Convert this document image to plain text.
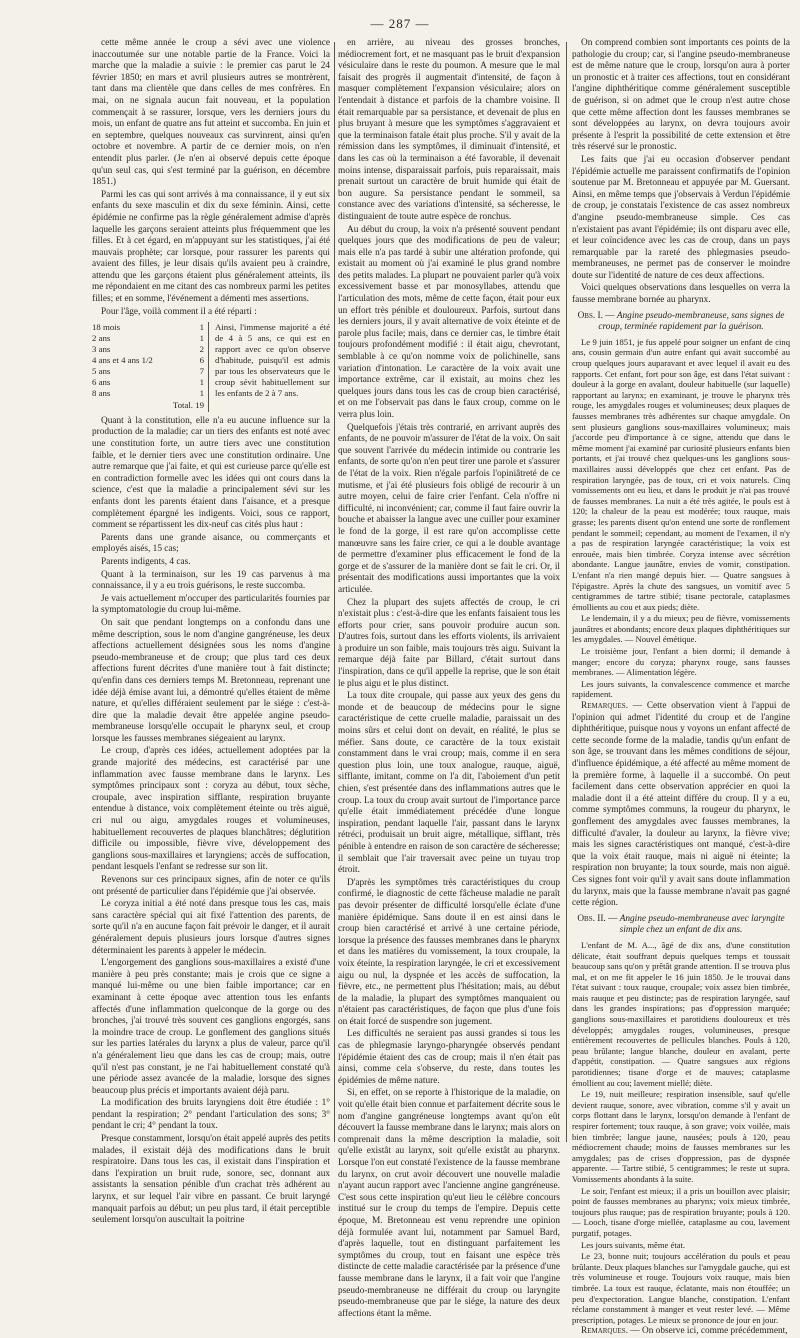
— 287 —

cette même année le croup a sévi avec une violence inaccoutumée sur une notable partie de la France. Voici la marche que la maladie a suivie : le premier cas parut le 24 février 1850; en mars et avril plusieurs autres se montrèrent, tant dans ma clientèle que dans celles de mes confrères. En mai, on ne signala aucun fait nouveau, et la population commençait à se rassurer, lorsque, vers les derniers jours du mois, un enfant de quatre ans fut atteint et succomba. En juin et en septembre, quelques nouveaux cas survinrent, ainsi qu'en octobre et novembre. A partir de ce dernier mois, on n'en entendit plus parler. (Je n'en ai observé depuis cette époque qu'un seul cas, qui s'est terminé par la guérison, en décembre 1851.)

Parmi les cas qui sont arrivés à ma connaissance, il y eut six enfants du sexe masculin et dix du sexe féminin. Ainsi, cette épidémie ne confirme pas la règle généralement admise d'après laquelle les garçons seraient atteints plus fréquemment que les filles. Et à cet égard, en m'appuyant sur les statistiques, j'ai été mauvais prophète; car lorsque, pour rassurer les parents qui avaient des filles, je leur disais qu'ils avaient peu à craindre, attendu que les garçons étaient plus généralement atteints, ils me répondaient en me citant des cas nombreux parmi les petites filles; et en somme, l'événement a démenti mes assertions.

Pour l'âge, voilà comment il a été réparti :

18 mois	1
2 ans	1
3 ans	2
4 ans et 4 ans 1/2	6
5 ans	7
6 ans	1
8 ans	1
Total. 19
Ainsi, l'immense majorité a été de 4 à 5 ans, ce qui est en rapport avec ce qu'on observe d'habitude, puisqu'il est admis par tous les observateurs que le croup sévit habituellement sur les enfants de 2 à 7 ans.

Quant à la constitution, elle n'a eu aucune influence sur la production de la maladie; car un tiers des enfants est noté avec une constitution forte, un autre tiers avec une constitution faible, et le dernier tiers avec une constitution ordinaire. Une autre remarque que j'ai faite, et qui est curieuse parce qu'elle est en contradiction formelle avec les idées qui ont cours dans la science, c'est que la maladie a principalement sévi sur les enfants dont les parents étaient dans l'aisance, et a presque complètement épargné les indigents. Voici, sous ce rapport, comment se répartissent les dix-neuf cas cités plus haut :

Parents dans une grande aisance, ou commerçants et employés aisés, 15 cas;

Parents indigents, 4 cas.

Quant à la terminaison, sur les 19 cas parvenus à ma connaissance, il y a eu trois guérisons, le reste succomba.

Je vais actuellement m'occuper des particularités fournies par la symptomatologie du croup lui-même.

On sait que pendant longtemps on a confondu dans une même description, sous le nom d'angine gangréneuse, les deux affections actuellement désignées sous les noms d'angine pseudo-membraneuse et de croup; que plus tard ces deux affections furent décrites d'une manière tout à fait distincte; qu'enfin dans ces derniers temps M. Bretonneau, reprenant une idée déjà émise avant lui, a démontré qu'elles étaient de même nature, et qu'elles différaient seulement par le siége : c'est-à-dire que la maladie devait être appelée angine pseudo-membraneuse lorsqu'elle occupait le pharynx seul, et croup lorsque les fausses membranes siégeaient au larynx.

Le croup, d'après ces idées, actuellement adoptées par la grande majorité des médecins, est caractérisé par une inflammation avec fausse membrane dans le larynx. Les symptômes principaux sont : coryza au début, toux sèche, croupale, avec inspiration sifflante, respiration bruyante entendue à distance, voix complètement éteinte ou très aiguë, cri nul ou aigu, amygdales rouges et volumineuses, habituellement recouvertes de plaques blanchâtres; déglutition difficile ou impossible, fièvre vive, développement des ganglions sous-maxillaires et laryngiens; accès de suffocation, pendant lesquels l'enfant se redresse sur son lit.

Revenons sur ces principaux signes, afin de noter ce qu'ils ont présenté de particulier dans l'épidémie que j'ai observée.

Le coryza initial a été noté dans presque tous les cas, mais sans caractère spécial qui ait fixé l'attention des parents, de sorte qu'il n'a en aucune façon fait prévoir le danger, et il aurait généralement depuis plusieurs jours lorsque d'autres signes déterminaient les parents à appeler le médecin.

L'engorgement des ganglions sous-maxillaires a existé d'une manière à peu près constante; mais je crois que ce signe a manqué lui-même ou une bien faible importance; car en examinant à cette époque avec attention tous les enfants affectés d'une inflammation quelconque de la gorge ou des bronches, j'ai trouvé très souvent ces ganglions engorgés, sans la moindre trace de croup. Le gonflement des ganglions situés sur les parties latérales du larynx a plus de valeur, parce qu'il n'a généralement lieu que dans les cas de croup; mais, outre qu'il n'est pas constant, je ne l'ai habituellement constaté qu'à une période assez avancée de la maladie, lorsque des signes beaucoup plus précis et importants avaient déjà paru.

La modification des bruits laryngiens doit être étudiée : 1° pendant la respiration; 2° pendant l'articulation des sons; 3° pendant le cri; 4° pendant la toux.

Presque constamment, lorsqu'on était appelé auprès des petits malades, il existait déjà des modifications dans le bruit respiratoire. Dans tous les cas, il existait dans l'inspiration et dans l'expiration un bruit rude, sonore, sec, donnant aux assistants la sensation pénible d'un crachat très adhérent au larynx, et sur lequel l'air vibre en passant. Ce bruit laryngé manquait parfois au début; un peu plus tard, il était perceptible seulement lorsqu'on auscultait la poitrine

en arrière, au niveau des grosses bronches, médiocrement fort, et ne masquant pas le bruit d'expansion vésiculaire dans le reste du poumon. A mesure que le mal faisait des progrès il augmentait d'intensité, de façon à masquer complètement l'expansion vésiculaire; alors on l'entendait à distance et parfois de la chambre voisine. Il était remarquable par sa persistance, et devenait de plus en plus bruyant à mesure que les symptômes s'aggravaient et que la terminaison fatale était plus proche. S'il y avait de la rémission dans les symptômes, il diminuait d'intensité, et dans les cas où la terminaison a été favorable, il devenait moins intense, disparaissait parfois, puis reparaissait, mais prenait surtout un caractère de bruit humide qui était de bon augure. Sa persistance pendant le sommeil, sa constance avec des variations d'intensité, sa sécheresse, le distinguaient de toute autre espèce de ronchus.

Au début du croup, la voix n'a présenté souvent pendant quelques jours que des modifications de peu de valeur; mais elle n'a pas tardé à subir une altération profonde, qui existait au moment où j'ai examiné le plus grand nombre des petits malades. La plupart ne pouvaient parler qu'à voix excessivement basse et par monosyllabes, attendu que l'articulation des mots, même de cette façon, était pour eux un effort très pénible et douloureux. Parfois, surtout dans les derniers jours, il y avait alternative de voix éteinte et de parole plus facile; mais, dans ce dernier cas, le timbre était toujours profondément modifié : il était aigu, chevrotant, semblable à ce qu'on nomme voix de polichinelle, sans variation d'intonation. Le caractère de la voix avait une importance extrême, car il existait, au moins chez les quelques jours dans tous les cas de croup bien caractérisé, et on me l'observait pas dans le faux croup, comme on le verra plus loin.

Quelquefois j'étais très contrarié, en arrivant auprès des enfants, de ne pouvoir m'assurer de l'état de la voix. On sait que souvent l'arrivée du médecin intimide ou contrarie les enfants, de sorte qu'on n'en peut tirer une parole et s'assurer de l'état de la voix. Rien n'égale parfois l'opiniâtreté de ce mutisme, et j'ai été plusieurs fois obligé de recourir à un autre moyen, celui de faire crier l'enfant. Cela n'offre ni difficulté, ni inconvénient; car, comme il faut faire ouvrir la bouche et abaisser la langue avec une cuiller pour examiner le fond de la gorge, il est rare qu'on accomplisse cette manœuvre sans les faire crier, ce qui a le double avantage de permettre d'examiner plus efficacement le fond de la gorge et de s'assurer de la manière dont se fait le cri. Or, il présentait des modifications aussi importantes que la voix articulée.

Chez la plupart des sujets affectés de croup, le cri n'existait plus : c'est-à-dire que les enfants faisaient tous les efforts pour crier, sans pouvoir produire aucun son. D'autres fois, surtout dans les efforts violents, ils arrivaient à produire un son faible, mais toujours très aigu. Suivant la remarque déjà faite par Billard, c'était surtout dans l'inspiration, dans ce qu'il appelle la reprise, que le son était le plus aigu et le plus distinct.

La toux dite croupale, qui passe aux yeux des gens du monde et de beaucoup de médecins pour le signe caractéristique de cette cruelle maladie, paraissait un des moins sûrs et celui dont on devait, en réalité, le plus se méfier. Sans doute, ce caractère de la toux existait constamment dans le vrai croup; mais, comme il en sera question plus loin, une toux analogue, rauque, aiguë, sifflante, imitant, comme on l'a dit, l'aboiement d'un petit chien, s'est présentée dans des inflammations autres que le croup. La toux du croup avait surtout de l'importance parce qu'elle était immédiatement précédée d'une longue inspiration, pendant laquelle l'air, passant dans le larynx rétréci, produisait un bruit aigre, métallique, sifflant, très pénible à entendre en raison de son caractère de sécheresse; il semblait que l'air traversait avec peine un tuyau trop étroit.

D'après les symptômes très caractéristiques du croup confirmé, le diagnostic de cette fâcheuse maladie ne paraît pas devoir présenter de difficulté lorsqu'elle éclate d'une manière épidémique. Sans doute il en est ainsi dans le croup bien caractérisé et arrivé à une certaine période, lorsque la présence des fausses membranes dans le pharynx et dans les matières du vomissement, la toux croupale, la voix éteinte, la respiration laryngée, le cri et excessivement aigu ou nul, la dyspnée et les accès de suffocation, la fièvre, etc., ne permettent plus l'hésitation; mais, au début de la maladie, la plupart des symptômes manquaient ou n'étaient pas caractéristiques, de façon que plus d'une fois on était forcé de suspendre son jugement.

Les difficultés ne seraient pas aussi grandes si tous les cas de phlegmasie laryngo-pharyngée observés pendant l'épidémie étaient des cas de croup; mais il n'en était pas ainsi, comme cela s'observe, du reste, dans toutes les épidémies de même nature.

Si, en effet, on se reporte à l'historique de la maladie, on voit qu'elle était bien connue et parfaitement décrite sous le nom d'angine gangréneuse longtemps avant qu'on eût découvert la fausse membrane dans le larynx; mais alors on comprenait dans la même description la maladie, soit qu'elle existât au larynx, soit qu'elle existât au pharynx. Lorsque l'on eut constaté l'existence de la fausse membrane du larynx, on crut avoir découvert une nouvelle maladie n'ayant aucun rapport avec l'ancienne angine gangréneuse. C'est sous cette inspiration qu'eut lieu le célèbre concours institué sur le croup du temps de l'empire. Depuis cette époque, M. Bretonneau est venu reprendre une opinion déjà formulée avant lui, notamment par Samuel Bard, d'après laquelle, tout en distinguant parfaitement les symptômes du croup, tout en faisant une espèce très distincte de cette maladie caractérisée par la présence d'une fausse membrane dans le larynx, il a fait voir que l'angine pseudo-membraneuse ne différait du croup ou laryngite pseudo-membraneuse que par le siége, la nature des deux affections étant la même.

On comprend combien sont importants ces points de la pathologie du croup; car, si l'angine pseudo-membraneuse est de même nature que le croup, lorsqu'on aura à porter un pronostic et à traiter ces affections, tout en considérant l'angine diphthéritique comme généralement susceptible de guérison, si on admet que le croup n'est autre chose que cette même affection dont les fausses membranes se sont développées au larynx, on devra toujours avoir présente à l'esprit la possibilité de cette extension et être très réservé sur le pronostic.

Les faits que j'ai eu occasion d'observer pendant l'épidémie actuelle me paraissent confirmatifs de l'opinion soutenue par M. Bretonneau et appuyée par M. Guersant. Ainsi, en même temps que j'observais à Verdun l'épidémie de croup, je constatais l'existence de cas assez nombreux d'angine pseudo-membraneuse simple. Ces cas n'existaient pas avant l'épidémie; ils ont disparu avec elle, et leur coïncidence avec les cas de croup, dans un pays remarquable par la rareté des phlegmasies pseudo-membraneuses, ne permet pas de conserver le moindre doute sur l'identité de nature de ces deux affections.

Voici quelques observations dans lesquelles on verra la fausse membrane bornée au pharynx.

Obs. I. — Angine pseudo-membraneuse, sans signes de croup, terminée rapidement par la guérison.

Le 9 juin 1851, je fus appelé pour soigner un enfant de cinq ans, cousin germain d'un autre enfant qui avait succombé au croup quelques jours auparavant et avec lequel il avait eu des rapports. Cet enfant, fort pour son âge, est dans l'état suivant : douleur à la gorge en avalant, douleur habituelle (sur laquelle) rapportant au larynx; en examinant, je trouve le pharynx très rouge, les amygdales rouges et volumineuses; deux plaques de fausses membranes très adhérentes sur chaque amygdale. On sent plusieurs ganglions sous-maxillaires volumineux; mais j'accorde peu d'importance à ce signe, attendu que dans le même moment j'ai examiné par curiosité plusieurs enfants bien portants, et j'ai trouvé chez quelques-uns les ganglions sous-maxillaires aussi développés que chez cet enfant. Pas de respiration laryngée, pas de toux, cri et voix naturels. Cinq vomissements ont eu lieu, et dans le produit je n'ai pas trouvé de fausses membranes. La nuit a été très agitée, le pouls est à 120; la chaleur de la peau est modérée; toux rauque, mais grasse; les parents disent qu'on entend une sorte de ronflement pendant le sommeil; cependant, au moment de l'examen, il n'y a pas de respiration laryngée caractéristique; la voix est enrouée, mais bien timbrée. Coryza intense avec sécrétion abondante. Langue jaunâtre, envies de vomir, constipation. L'enfant n'a rien mangé depuis hier. — Quatre sangsues à l'épigastre. Après la chute des sangsues, un vomitif avec 5 centigrammes de tartre stibié; tisane pectorale, cataplasmes émollients au cou et aux pieds; diète.

Le lendemain, il y a du mieux; peu de fièvre, vomissements jaunâtres et abondants; encore deux plaques diphthéritiques sur les amygdales. — Nouvel émétique.

Le troisième jour, l'enfant a bien dormi; il demande à manger; encore du coryza; pharynx rouge, sans fausses membranes. — Alimentation légère.

Les jours suivants, la convalescence commence et marche rapidement.

Remarques. — Cette observation vient à l'appui de l'opinion qui admet l'identité du croup et de l'angine diphthéritique, puisque nous y voyons un enfant affecté de cette seconde forme de la maladie, tandis qu'un enfant de son âge, se trouvant dans les mêmes conditions de séjour, d'influence épidémique, a été affecté au même moment de la première forme, à laquelle il a succombé. On peut facilement dans cette observation apprécier en quoi la maladie dont il a été atteint différe du croup. Il y a eu, comme symptômes communs, la rougeur du pharynx, le gonflement des amygdales avec fausses membranes, la difficulté d'avaler, la douleur au larynx, la fièvre vive; mais les signes caractéristiques ont manqué, c'est-à-dire que la voix était rauque, mais ni aiguë ni éteinte; la respiration non bruyante; la toux sourde, mais non aiguë. Ces signes font voir qu'il y avait sans doute inflammation du larynx, mais que la fausse membrane n'avait pas gagné cette région.

Obs. II. — Angine pseudo-membraneuse avec laryngite simple chez un enfant de dix ans.

L'enfant de M. A..., âgé de dix ans, d'une constitution délicate, était souffrant depuis quelques temps et toussait beaucoup sans qu'on y prêtât grande attention. Il se trouva plus mal, et on me fit appeler le 16 juin 1850. Je le trouvai dans l'état suivant : toux rauque, croupale; voix assez bien timbrée, mais rauque et peu distincte; pas de respiration laryngée, sauf dans les grandes inspirations; pas d'oppression marquée; ganglions sous-maxillaires et parotidiens douloureux et très développés; amygdales rouges, volumineuses, presque entièrement recouvertes de pellicules blanches. Pouls à 120, peau brûlante; langue blanche, douleur en avalant, perte d'appétit, constipation. — Quatre sangsues aux régions parotidiennes; tisane d'orge et de mauves; cataplasme émollient au cou; lavement miellé; diète.

Le 19, nuit meilleure; respiration insensible, sauf qu'elle devient rauque, sonore, avec vibration, comme s'il y avait un corps flottant dans le larynx, lorsqu'on demande à l'enfant de respirer fortement; toux rauque, à son grave; voix voilée, mais bien timbrée; langue jaune, nausées; pouls à 120, peau médiocrement chaude; moins de fausses membranes sur les amygdales; pas de crises d'oppression, pas de dyspnée apparente. — Tartre stibié, 5 centigrammes; le reste ut supra. Vomissements abondants à la suite.

Le soir, l'enfant est mieux; il a pris un bouillon avec plaisir; point de fausses membranes au pharynx; voix mieux timbrée, toujours plus rauque; pas de respiration bruyante; pouls à 120. — Looch, tisane d'orge miellée, cataplasme au cou, lavement purgatif, potages.

Les jours suivants, même état.

Le 23, bonne nuit; toujours accélération du pouls et peau brûlante. Deux plaques blanches sur l'amygdale gauche, qui est très volumineuse et rouge. Toujours voix rauque, mais bien timbrée. La toux est rauque, éclatante, mais non étouffée; un peu d'expectoration. Langue blanche, constipation. L'enfant réclame constamment à manger et veut rester levé. — Même prescription, potages. Le mieux se prononce de jour en jour.

Remarques. — On observe ici, comme précédemment,
